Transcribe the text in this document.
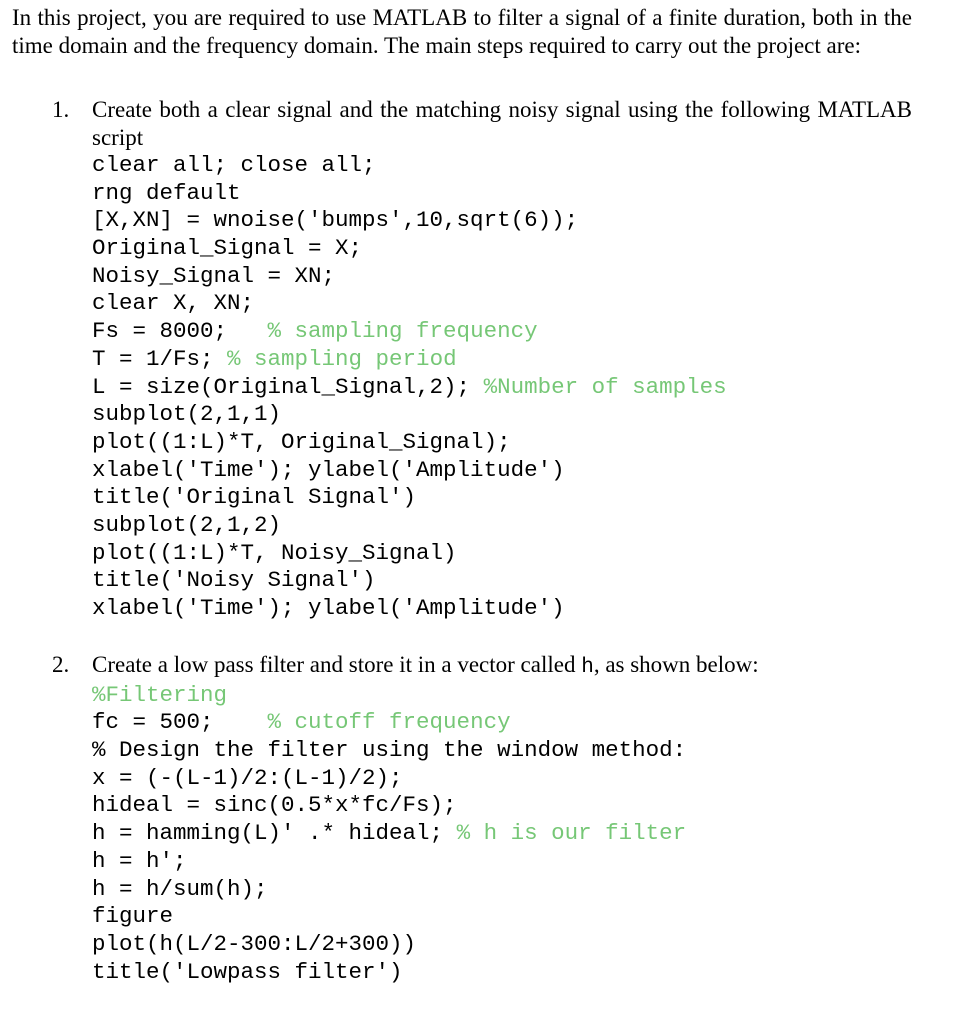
In this project, you are required to use MATLAB to filter a signal of a finite duration, both in the time domain and the frequency domain. The main steps required to carry out the project are:

1. Create both a clear signal and the matching noisy signal using the following MATLAB script
clear all; close all;
rng default
[X,XN] = wnoise('bumps',10,sqrt(6));
Original_Signal = X;
Noisy_Signal = XN;
clear X, XN;
Fs = 8000;   % sampling frequency
T = 1/Fs; % sampling period
L = size(Original_Signal,2); %Number of samples
subplot(2,1,1)
plot((1:L)*T, Original_Signal);
xlabel('Time'); ylabel('Amplitude')
title('Original Signal')
subplot(2,1,2)
plot((1:L)*T, Noisy_Signal)
title('Noisy Signal')
xlabel('Time'); ylabel('Amplitude')
2. Create a low pass filter and store it in a vector called h, as shown below:
%Filtering
fc = 500;    % cutoff frequency
% Design the filter using the window method:
x = (-(L-1)/2:(L-1)/2);
hideal = sinc(0.5*x*fc/Fs);
h = hamming(L)' .* hideal; % h is our filter
h = h';
h = h/sum(h);
figure
plot(h(L/2-300:L/2+300))
title('Lowpass filter')
